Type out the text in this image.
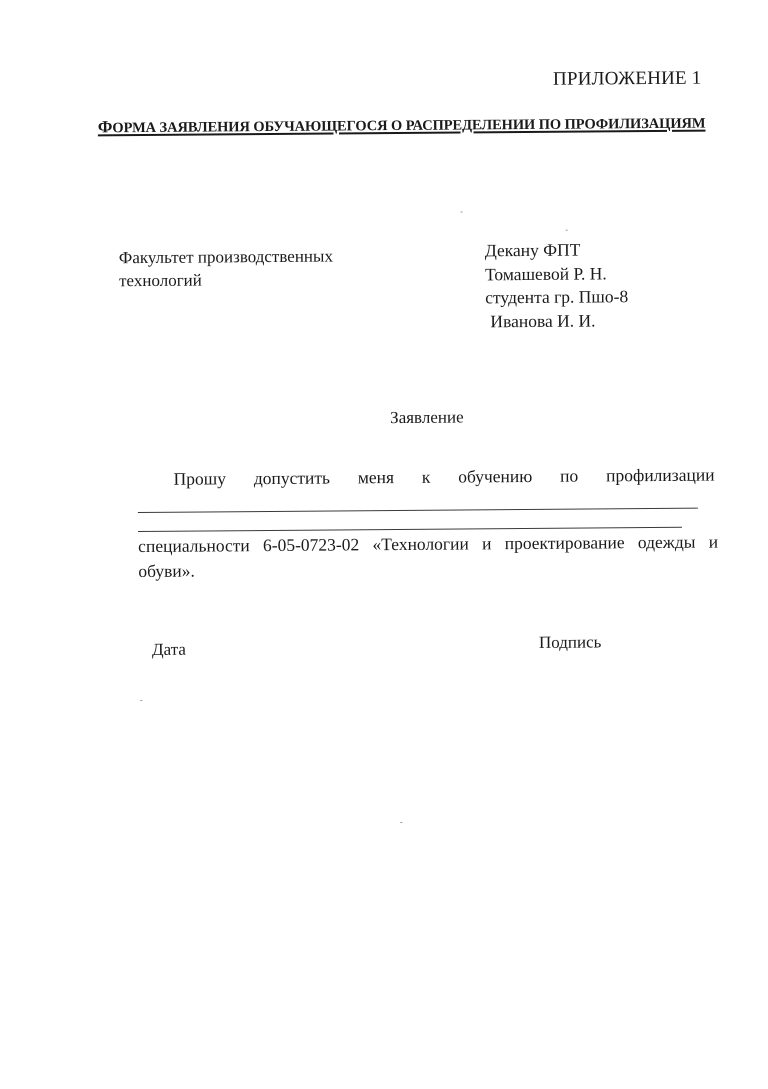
ПРИЛОЖЕНИЕ 1
ФОРМА ЗАЯВЛЕНИЯ ОБУЧАЮЩЕГОСЯ О РАСПРЕДЕЛЕНИИ ПО ПРОФИЛИЗАЦИЯМ
Факультет производственных
технологий
Декану ФПТ
Томашевой Р. Н.
студента гр. Пшо-8
Иванова И. И.
Заявление
Прошу допустить меня к обучению по профилизации
специальности 6-05-0723-02 «Технологии и проектирование одежды и обуви».
Дата	Подпись
